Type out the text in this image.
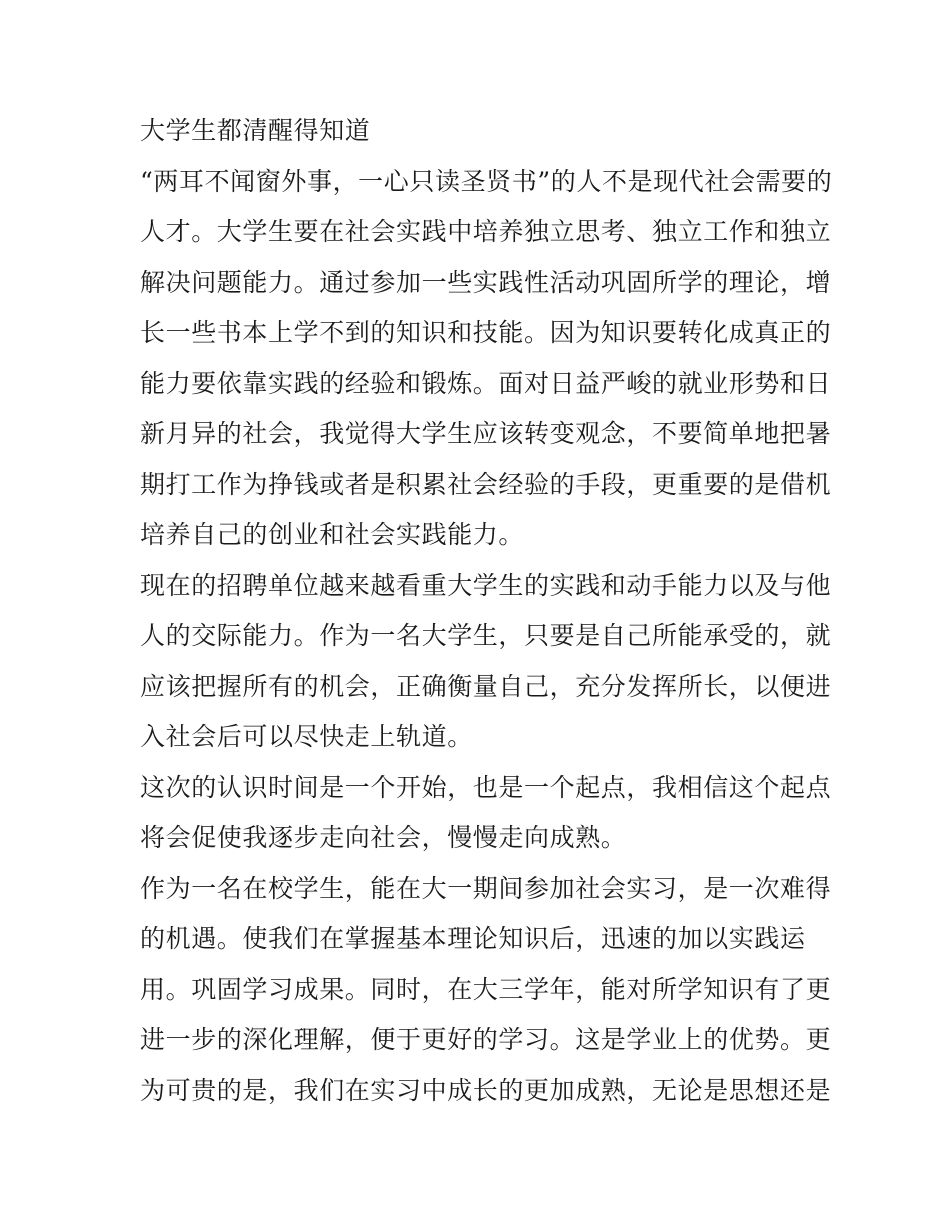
大学生都清醒得知道
“两耳不闻窗外事，一心只读圣贤书”的人不是现代社会需要的
人才。大学生要在社会实践中培养独立思考、独立工作和独立
解决问题能力。通过参加一些实践性活动巩固所学的理论，增
长一些书本上学不到的知识和技能。因为知识要转化成真正的
能力要依靠实践的经验和锻炼。面对日益严峻的就业形势和日
新月异的社会，我觉得大学生应该转变观念，不要简单地把暑
期打工作为挣钱或者是积累社会经验的手段，更重要的是借机
培养自己的创业和社会实践能力。
现在的招聘单位越来越看重大学生的实践和动手能力以及与他
人的交际能力。作为一名大学生，只要是自己所能承受的，就
应该把握所有的机会，正确衡量自己，充分发挥所长，以便进
入社会后可以尽快走上轨道。
这次的认识时间是一个开始，也是一个起点，我相信这个起点
将会促使我逐步走向社会，慢慢走向成熟。
作为一名在校学生，能在大一期间参加社会实习，是一次难得
的机遇。使我们在掌握基本理论知识后，迅速的加以实践运
用。巩固学习成果。同时，在大三学年，能对所学知识有了更
进一步的深化理解，便于更好的学习。这是学业上的优势。更
为可贵的是，我们在实习中成长的更加成熟，无论是思想还是
